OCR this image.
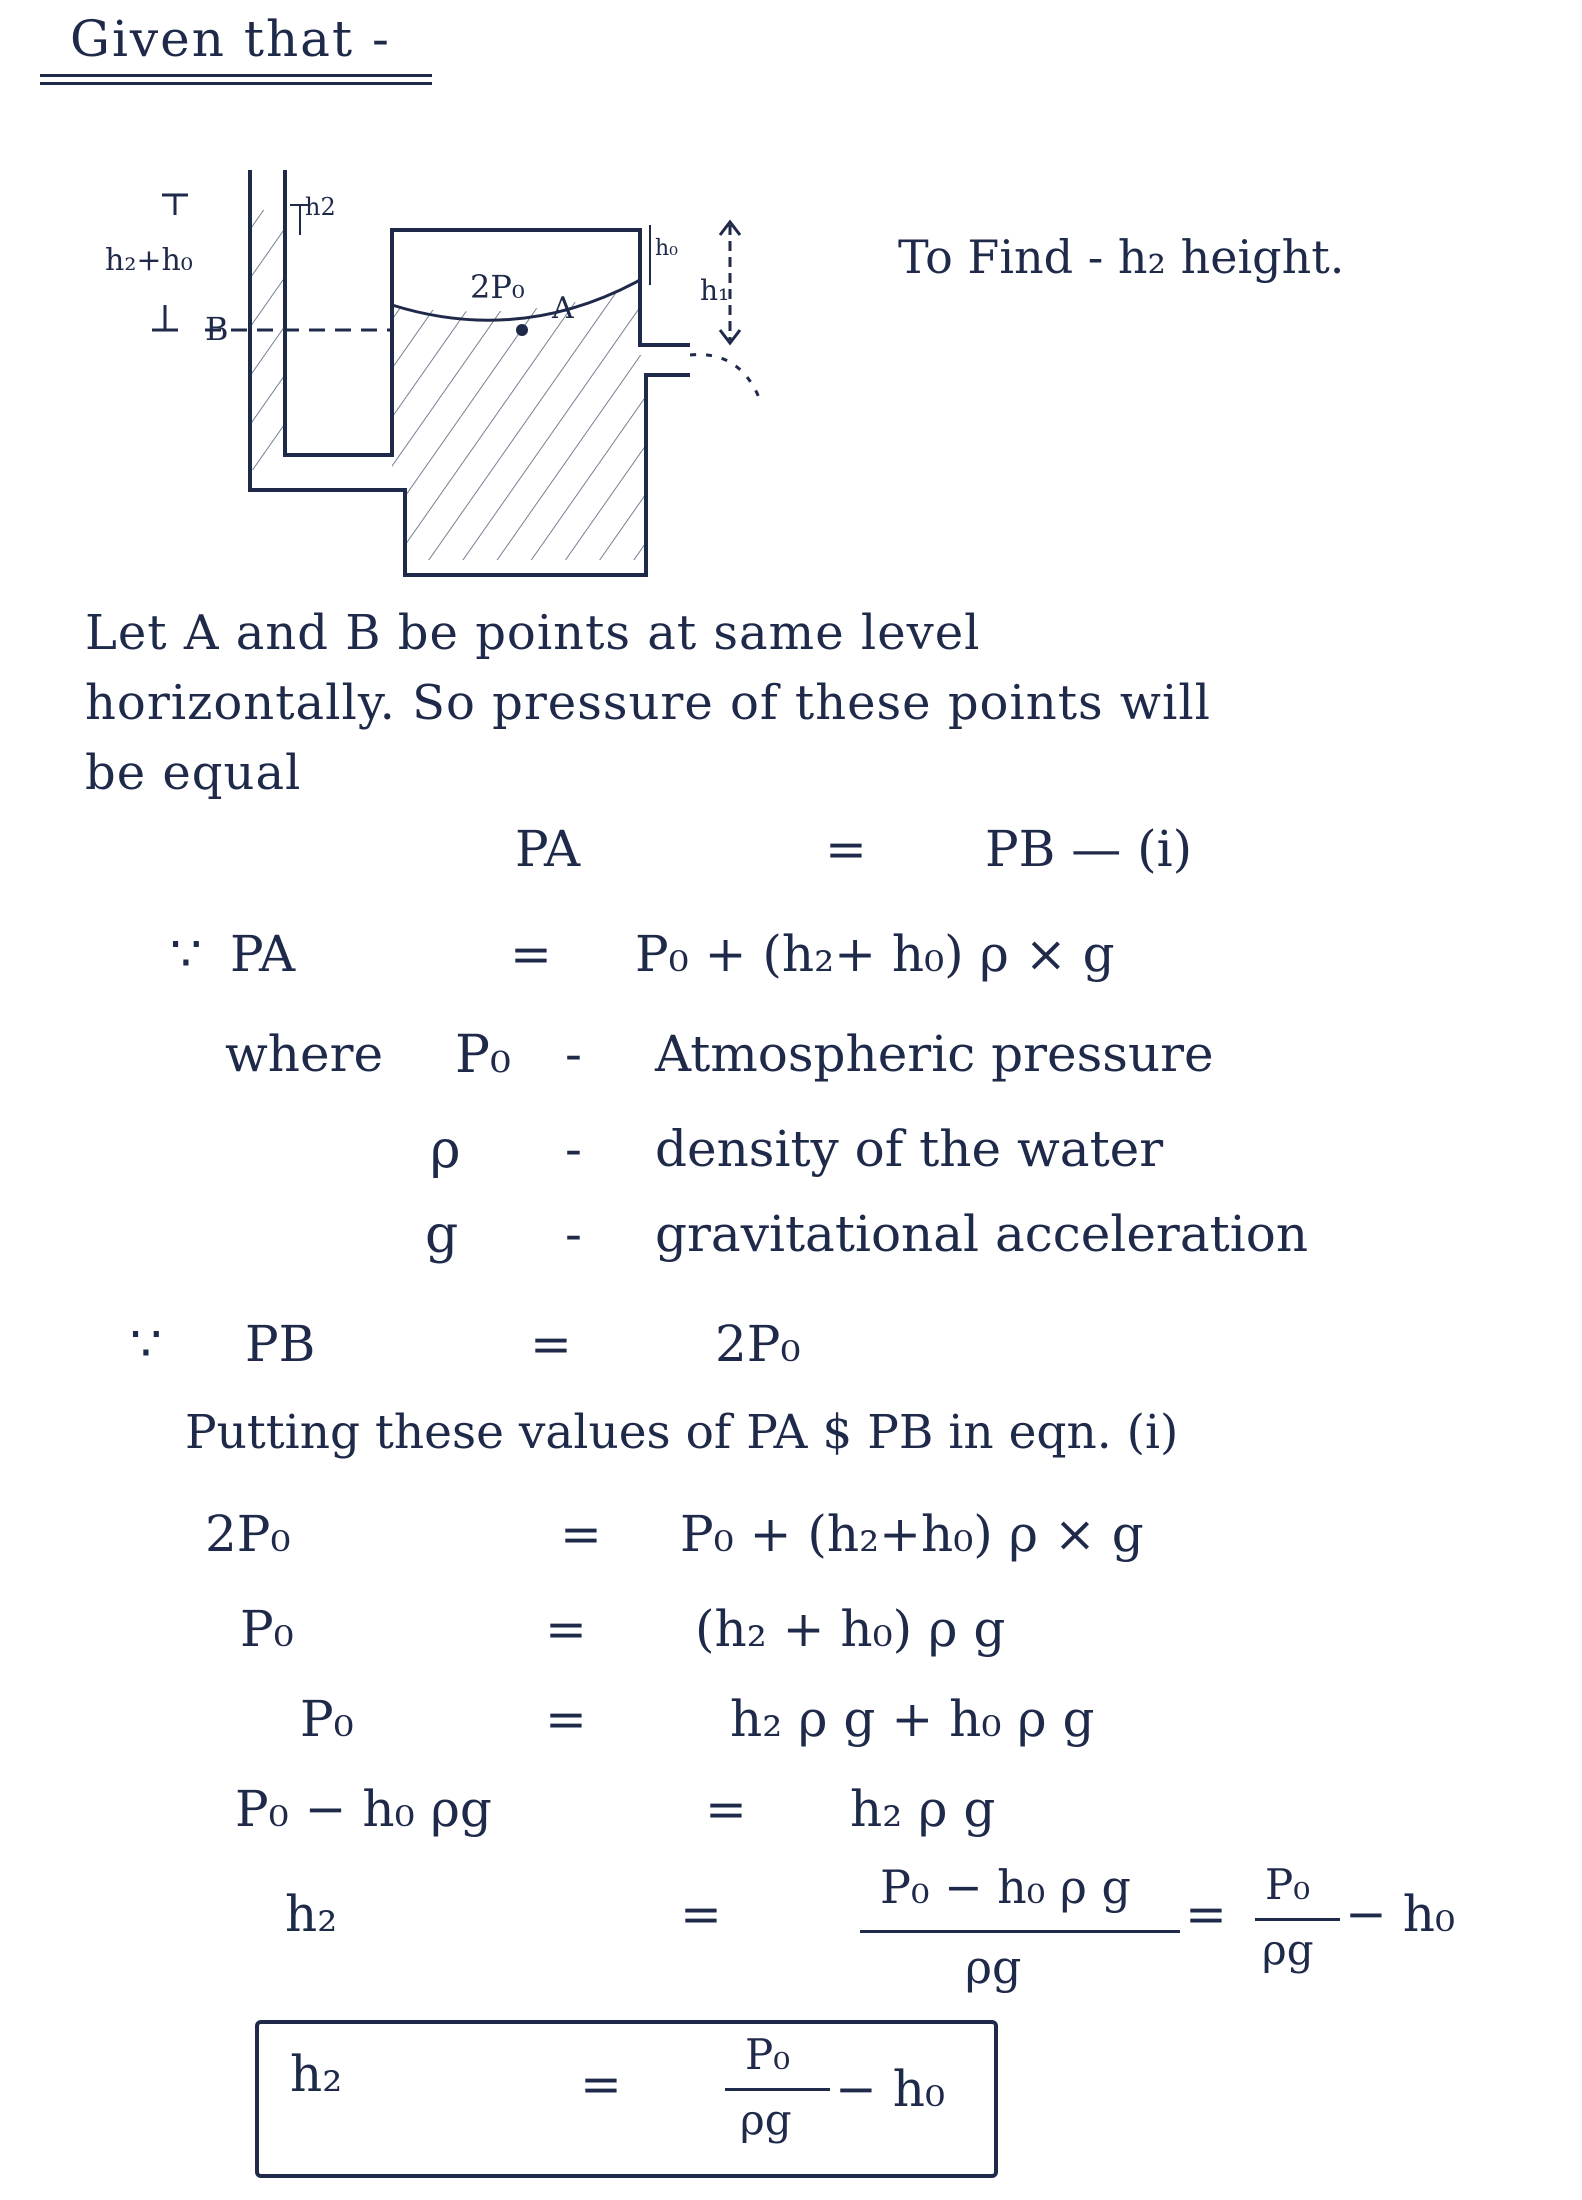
Given that -
h₂+h₀
B
h2
2P₀
A
h₀
h₁
To Find - h₂ height.
Let A and B be points at same level
horizontally. So pressure of these points will
be equal
PA	= PB — (i)
∵ PA	= P₀ + (h₂+ h₀) ρ × g
where P₀ - Atmospheric pressure
ρ - density of the water
g - gravitational acceleration
∵ PB	=	2P₀
Putting these values of PA $ PB in eqn. (i)
2P₀	= P₀ + (h₂+h₀) ρ × g
P₀	= (h₂ + h₀) ρ g
P₀	=	h₂ ρ g + h₀ ρ g
P₀ − h₀ ρg	= h₂ ρ g
h₂	=	P₀ − h₀ ρ g
ρg
=
P₀
ρg
− h₀
h₂	=
P₀
ρg
− h₀
